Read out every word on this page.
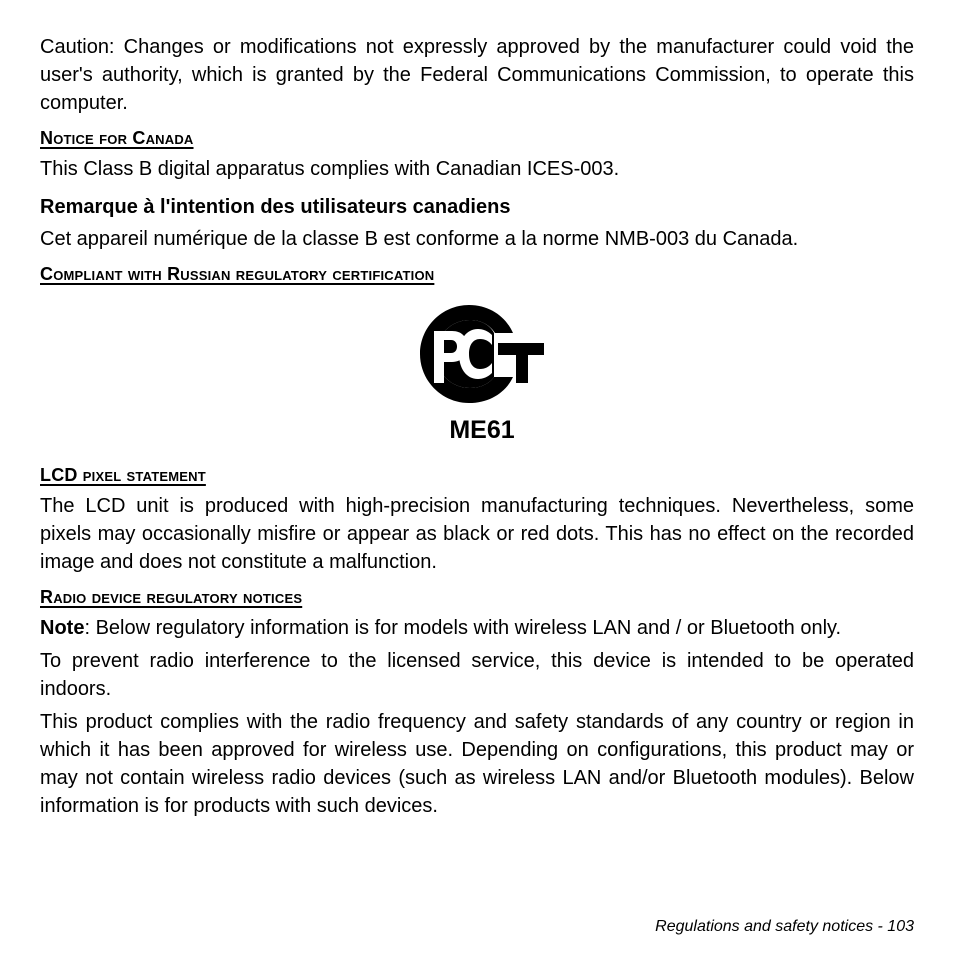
Caution: Changes or modifications not expressly approved by the manufacturer could void the user's authority, which is granted by the Federal Communications Commission, to operate this computer.

Notice for Canada

This Class B digital apparatus complies with Canadian ICES-003.

Remarque à l'intention des utilisateurs canadiens

Cet appareil numérique de la classe B est conforme a la norme NMB-003 du Canada.

Compliant with Russian regulatory certification
ME61
LCD pixel statement

The LCD unit is produced with high-precision manufacturing techniques. Nevertheless, some pixels may occasionally misfire or appear as black or red dots. This has no effect on the recorded image and does not constitute a malfunction.

Radio device regulatory notices

Note: Below regulatory information is for models with wireless LAN and / or Bluetooth only.

To prevent radio interference to the licensed service, this device is intended to be operated indoors.

This product complies with the radio frequency and safety standards of any country or region in which it has been approved for wireless use. Depending on configurations, this product may or may not contain wireless radio devices (such as wireless LAN and/or Bluetooth modules). Below information is for products with such devices.

Regulations and safety notices - 103
